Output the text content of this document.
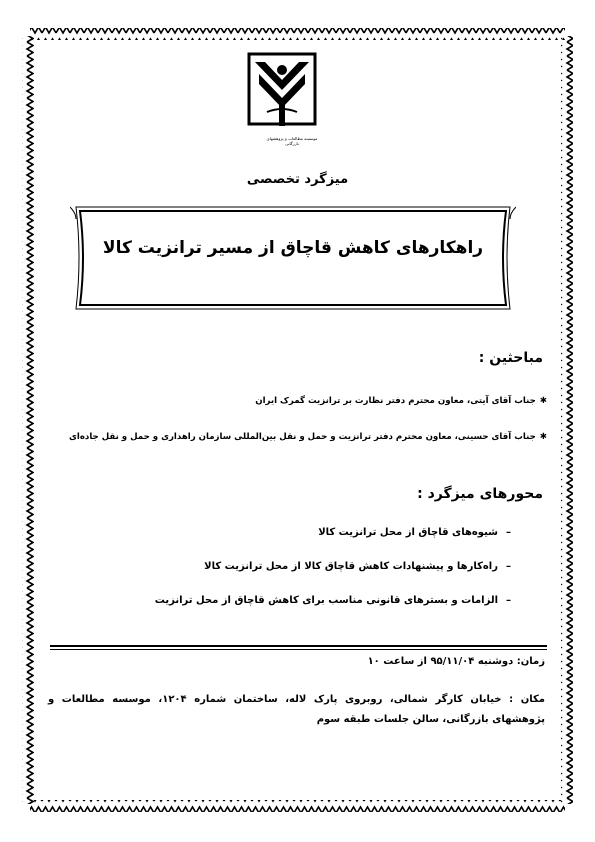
موسسه مطالعات و پژوهشهای بازرگانی
میزگرد تخصصی
راهکارهای کاهش قاچاق از مسیر ترانزیت کالا
مباحثین :
✱جناب آقای آیتی، معاون محترم دفتر نظارت بر ترانزیت گمرک ایران
✱جناب آقای حسینی، معاون محترم دفتر ترانزیت و حمل و نقل بین‌المللی سازمان راهداری و حمل و نقل جاده‌ای
محورهای میزگرد :
–شیوه‌های قاچاق از محل ترانزیت کالا
–راه‌کارها و پیشنهادات کاهش قاچاق کالا از محل ترانزیت کالا
–الزامات و بسترهای قانونی مناسب برای کاهش قاچاق از محل ترانزیت
زمان: دوشنبه ۹۵/۱۱/۰۴ از ساعت ۱۰
مکان : خیابان کارگر شمالی، روبروی پارک لاله، ساختمان شماره ۱۲۰۴، موسسه مطالعات و پژوهشهای بازرگانی، سالن جلسات طبقه سوم
